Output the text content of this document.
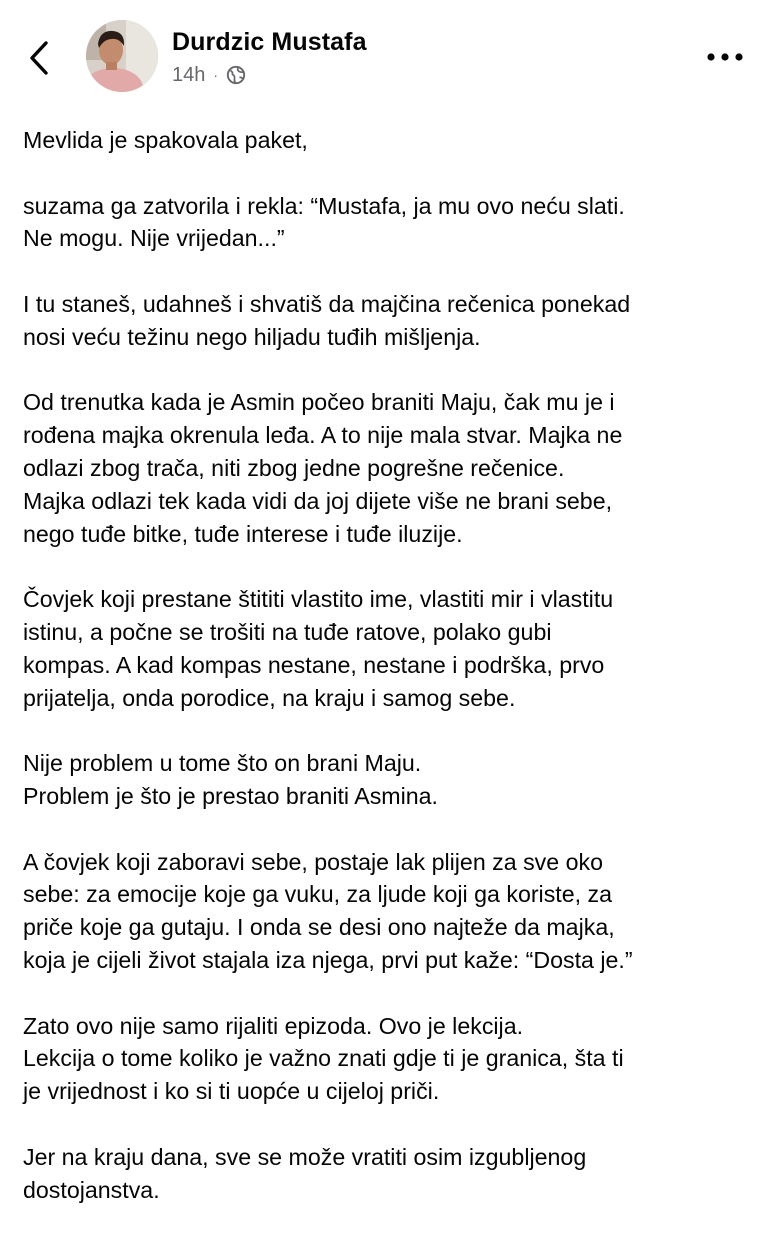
Durdzic Mustafa
14h ·

Mevlida je spakovala paket,

suzama ga zatvorila i rekla: “Mustafa, ja mu ovo neću slati.
Ne mogu. Nije vrijedan...”

I tu staneš, udahneš i shvatiš da majčina rečenica ponekad
nosi veću težinu nego hiljadu tuđih mišljenja.

Od trenutka kada je Asmin počeo braniti Maju, čak mu je i
rođena majka okrenula leđa. A to nije mala stvar. Majka ne
odlazi zbog trača, niti zbog jedne pogrešne rečenice.
Majka odlazi tek kada vidi da joj dijete više ne brani sebe,
nego tuđe bitke, tuđe interese i tuđe iluzije.

Čovjek koji prestane štititi vlastito ime, vlastiti mir i vlastitu
istinu, a počne se trošiti na tuđe ratove, polako gubi
kompas. A kad kompas nestane, nestane i podrška, prvo
prijatelja, onda porodice, na kraju i samog sebe.

Nije problem u tome što on brani Maju.
Problem je što je prestao braniti Asmina.

A čovjek koji zaboravi sebe, postaje lak plijen za sve oko
sebe: za emocije koje ga vuku, za ljude koji ga koriste, za
priče koje ga gutaju. I onda se desi ono najteže da majka,
koja je cijeli život stajala iza njega, prvi put kaže: “Dosta je.”

Zato ovo nije samo rijaliti epizoda. Ovo je lekcija.
Lekcija o tome koliko je važno znati gdje ti je granica, šta ti
je vrijednost i ko si ti uopće u cijeloj priči.

Jer na kraju dana, sve se može vratiti osim izgubljenog
dostojanstva.
